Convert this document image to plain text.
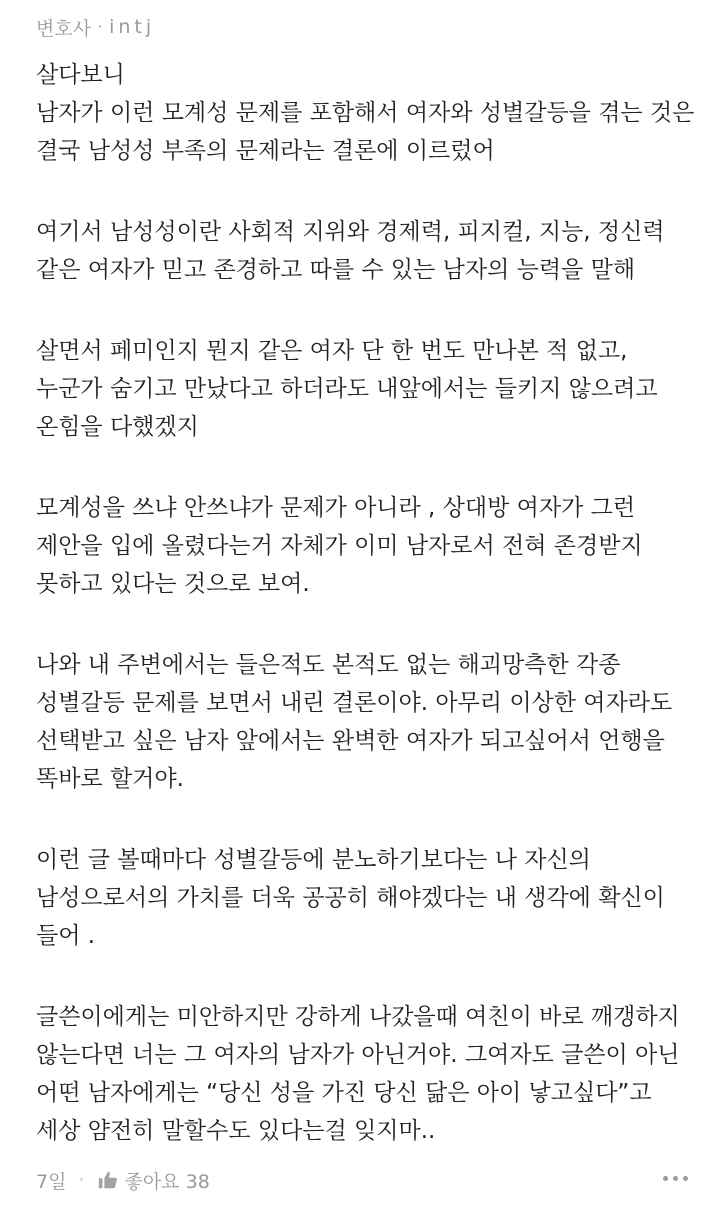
변호사 · intj
살다보니
남자가 이런 모계성 문제를 포함해서 여자와 성별갈등을 겪는 것은
결국 남성성 부족의 문제라는 결론에 이르렀어
여기서 남성성이란 사회적 지위와 경제력, 피지컬, 지능, 정신력
같은 여자가 믿고 존경하고 따를 수 있는 남자의 능력을 말해
살면서 페미인지 뭔지 같은 여자 단 한 번도 만나본 적 없고,
누군가 숨기고 만났다고 하더라도 내앞에서는 들키지 않으려고
온힘을 다했겠지
모계성을 쓰냐 안쓰냐가 문제가 아니라 , 상대방 여자가 그런
제안을 입에 올렸다는거 자체가 이미 남자로서 전혀 존경받지
못하고 있다는 것으로 보여.
나와 내 주변에서는 들은적도 본적도 없는 해괴망측한 각종
성별갈등 문제를 보면서 내린 결론이야. 아무리 이상한 여자라도
선택받고 싶은 남자 앞에서는 완벽한 여자가 되고싶어서 언행을
똑바로 할거야.
이런 글 볼때마다 성별갈등에 분노하기보다는 나 자신의
남성으로서의 가치를 더욱 공공히 해야겠다는 내 생각에 확신이
들어 .
글쓴이에게는 미안하지만 강하게 나갔을때 여친이 바로 깨갱하지
않는다면 너는 그 여자의 남자가 아닌거야. 그여자도 글쓴이 아닌
어떤 남자에게는 “당신 성을 가진 당신 닮은 아이 낳고싶다”고
세상 얌전히 말할수도 있다는걸 잊지마..
7일 · 좋아요 38
